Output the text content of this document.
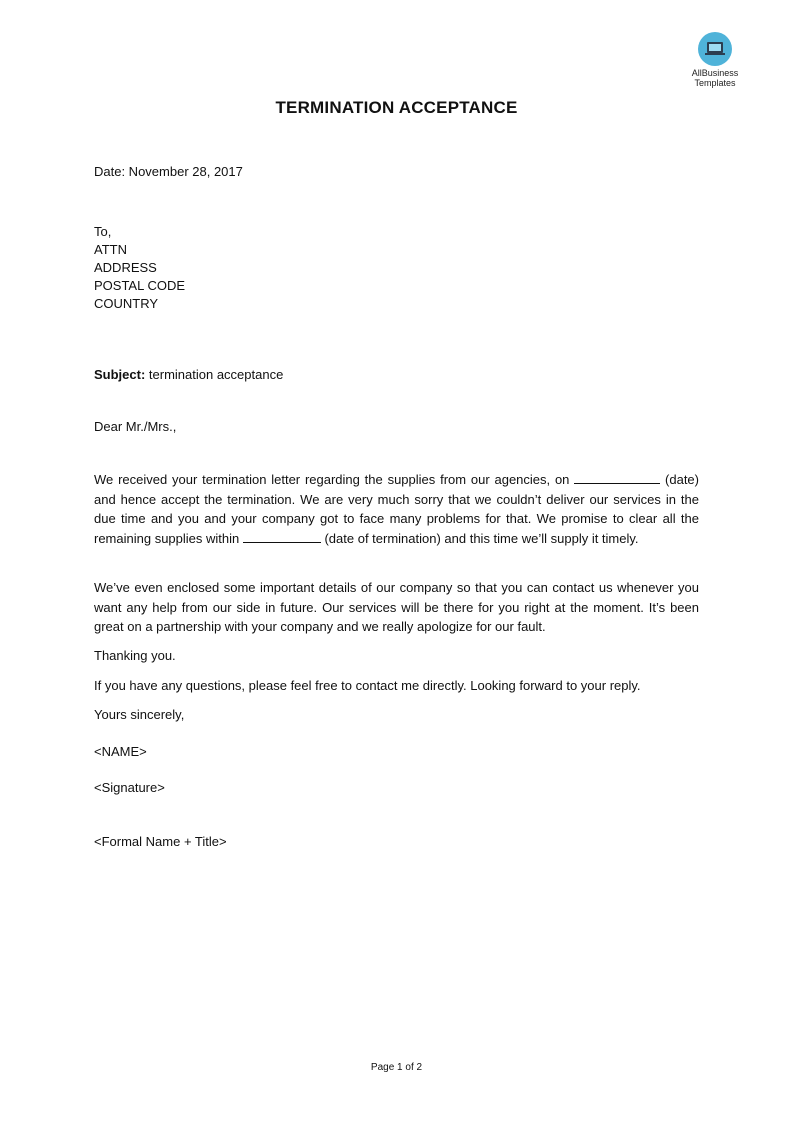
AllBusiness
Templates
TERMINATION ACCEPTANCE
Date: November 28, 2017
To,
ATTN
ADDRESS
POSTAL CODE
COUNTRY
Subject: termination acceptance
Dear Mr./Mrs.,
We received your termination letter regarding the supplies from our agencies, on	(date) and hence accept the termination. We are very much sorry that we couldn’t deliver our services in the due time and you and your company got to face many problems for that. We promise to clear all the remaining supplies within	(date of termination) and this time we’ll supply it timely.
We’ve even enclosed some important details of our company so that you can contact us whenever you want any help from our side in future. Our services will be there for you right at the moment. It’s been great on a partnership with your company and we really apologize for our fault.
Thanking you.
If you have any questions, please feel free to contact me directly. Looking forward to your reply.
Yours sincerely,
<NAME>
<Signature>
<Formal Name + Title>
Page 1 of 2
